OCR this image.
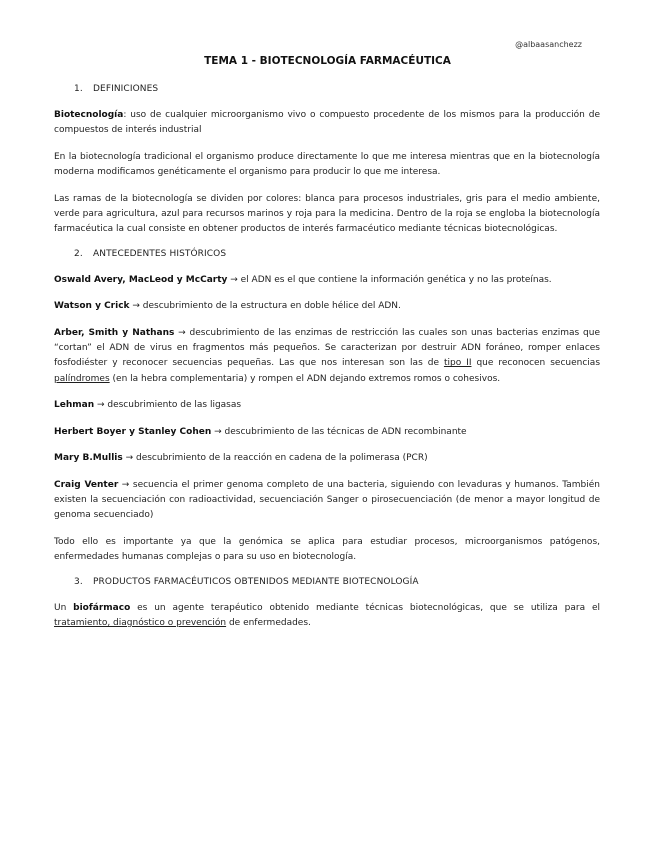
@albaasanchezz
TEMA 1 - BIOTECNOLOGÍA FARMACÉUTICA
1. DEFINICIONES

Biotecnología: uso de cualquier microorganismo vivo o compuesto procedente de los mismos para la producción de compuestos de interés industrial

En la biotecnología tradicional el organismo produce directamente lo que me interesa mientras que en la biotecnología moderna modificamos genéticamente el organismo para producir lo que me interesa.

Las ramas de la biotecnología se dividen por colores: blanca para procesos industriales, gris para el medio ambiente, verde para agricultura, azul para recursos marinos y roja para la medicina. Dentro de la roja se engloba la biotecnología farmacéutica la cual consiste en obtener productos de interés farmacéutico mediante técnicas biotecnológicas.

2. ANTECEDENTES HISTÓRICOS

Oswald Avery, MacLeod y McCarty → el ADN es el que contiene la información genética y no las proteínas.

Watson y Crick → descubrimiento de la estructura en doble hélice del ADN.

Arber, Smith y Nathans → descubrimiento de las enzimas de restricción las cuales son unas bacterias enzimas que “cortan” el ADN de virus en fragmentos más pequeños. Se caracterizan por destruir ADN foráneo, romper enlaces fosfodiéster y reconocer secuencias pequeñas. Las que nos interesan son las de tipo II que reconocen secuencias palíndromes (en la hebra complementaria) y rompen el ADN dejando extremos romos o cohesivos.

Lehman → descubrimiento de las ligasas

Herbert Boyer y Stanley Cohen → descubrimiento de las técnicas de ADN recombinante

Mary B.Mullis → descubrimiento de la reacción en cadena de la polimerasa (PCR)

Craig Venter → secuencia el primer genoma completo de una bacteria, siguiendo con levaduras y humanos. También existen la secuenciación con radioactividad, secuenciación Sanger o pirosecuenciación (de menor a mayor longitud de genoma secuenciado)

Todo ello es importante ya que la genómica se aplica para estudiar procesos, microorganismos patógenos, enfermedades humanas complejas o para su uso en biotecnología.

3. PRODUCTOS FARMACÉUTICOS OBTENIDOS MEDIANTE BIOTECNOLOGÍA

Un biofármaco es un agente terapéutico obtenido mediante técnicas biotecnológicas, que se utiliza para el tratamiento, diagnóstico o prevención de enfermedades.
